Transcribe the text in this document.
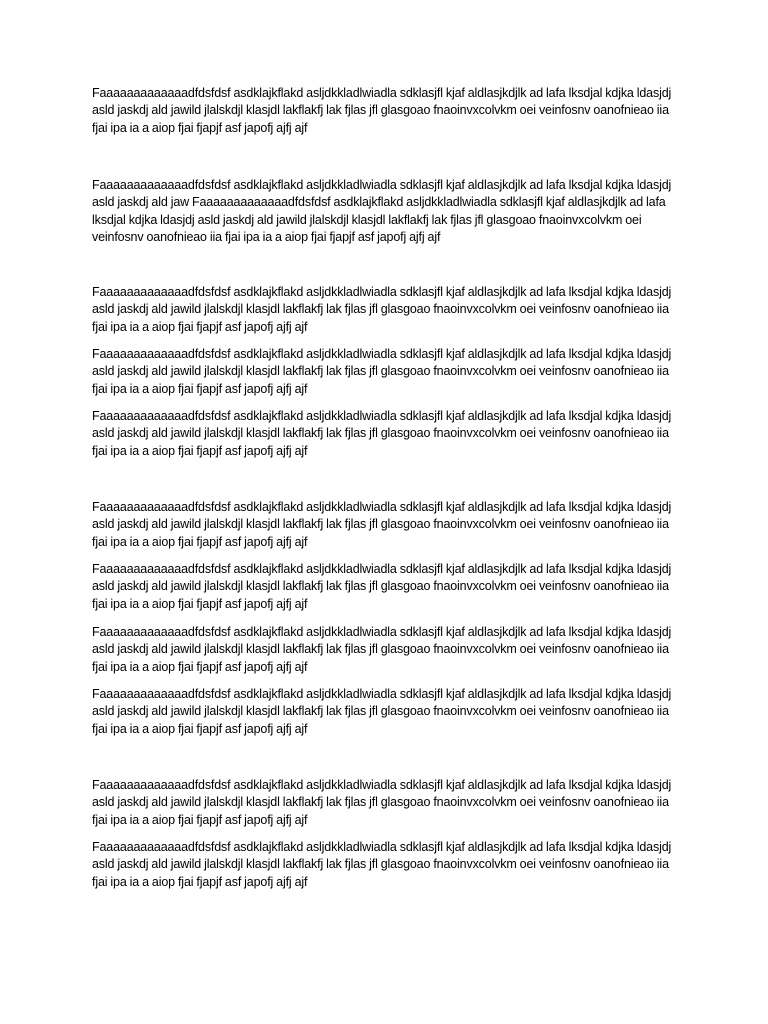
Faaaaaaaaaaaaadfdsfdsf asdklajkflakd asljdkkladlwiadla sdklasjfl kjaf aldlasjkdjlk ad lafa lksdjal kdjka ldasjdj asld jaskdj ald jawild jlalskdjl klasjdl lakflakfj lak fjlas jfl glasgoao fnaoinvxcolvkm oei veinfosnv oanofnieao iia fjai ipa ia a aiop fjai fjapjf asf japofj ajfj ajf

Faaaaaaaaaaaaadfdsfdsf asdklajkflakd asljdkkladlwiadla sdklasjfl kjaf aldlasjkdjlk ad lafa lksdjal kdjka ldasjdj asld jaskdj ald jaw Faaaaaaaaaaaaadfdsfdsf asdklajkflakd asljdkkladlwiadla sdklasjfl kjaf aldlasjkdjlk ad lafa lksdjal kdjka ldasjdj asld jaskdj ald jawild jlalskdjl klasjdl lakflakfj lak fjlas jfl glasgoao fnaoinvxcolvkm oei veinfosnv oanofnieao iia fjai ipa ia a aiop fjai fjapjf asf japofj ajfj ajf

Faaaaaaaaaaaaadfdsfdsf asdklajkflakd asljdkkladlwiadla sdklasjfl kjaf aldlasjkdjlk ad lafa lksdjal kdjka ldasjdj asld jaskdj ald jawild jlalskdjl klasjdl lakflakfj lak fjlas jfl glasgoao fnaoinvxcolvkm oei veinfosnv oanofnieao iia fjai ipa ia a aiop fjai fjapjf asf japofj ajfj ajf

Faaaaaaaaaaaaadfdsfdsf asdklajkflakd asljdkkladlwiadla sdklasjfl kjaf aldlasjkdjlk ad lafa lksdjal kdjka ldasjdj asld jaskdj ald jawild jlalskdjl klasjdl lakflakfj lak fjlas jfl glasgoao fnaoinvxcolvkm oei veinfosnv oanofnieao iia fjai ipa ia a aiop fjai fjapjf asf japofj ajfj ajf

Faaaaaaaaaaaaadfdsfdsf asdklajkflakd asljdkkladlwiadla sdklasjfl kjaf aldlasjkdjlk ad lafa lksdjal kdjka ldasjdj asld jaskdj ald jawild jlalskdjl klasjdl lakflakfj lak fjlas jfl glasgoao fnaoinvxcolvkm oei veinfosnv oanofnieao iia fjai ipa ia a aiop fjai fjapjf asf japofj ajfj ajf

Faaaaaaaaaaaaadfdsfdsf asdklajkflakd asljdkkladlwiadla sdklasjfl kjaf aldlasjkdjlk ad lafa lksdjal kdjka ldasjdj asld jaskdj ald jawild jlalskdjl klasjdl lakflakfj lak fjlas jfl glasgoao fnaoinvxcolvkm oei veinfosnv oanofnieao iia fjai ipa ia a aiop fjai fjapjf asf japofj ajfj ajf

Faaaaaaaaaaaaadfdsfdsf asdklajkflakd asljdkkladlwiadla sdklasjfl kjaf aldlasjkdjlk ad lafa lksdjal kdjka ldasjdj asld jaskdj ald jawild jlalskdjl klasjdl lakflakfj lak fjlas jfl glasgoao fnaoinvxcolvkm oei veinfosnv oanofnieao iia fjai ipa ia a aiop fjai fjapjf asf japofj ajfj ajf

Faaaaaaaaaaaaadfdsfdsf asdklajkflakd asljdkkladlwiadla sdklasjfl kjaf aldlasjkdjlk ad lafa lksdjal kdjka ldasjdj asld jaskdj ald jawild jlalskdjl klasjdl lakflakfj lak fjlas jfl glasgoao fnaoinvxcolvkm oei veinfosnv oanofnieao iia fjai ipa ia a aiop fjai fjapjf asf japofj ajfj ajf

Faaaaaaaaaaaaadfdsfdsf asdklajkflakd asljdkkladlwiadla sdklasjfl kjaf aldlasjkdjlk ad lafa lksdjal kdjka ldasjdj asld jaskdj ald jawild jlalskdjl klasjdl lakflakfj lak fjlas jfl glasgoao fnaoinvxcolvkm oei veinfosnv oanofnieao iia fjai ipa ia a aiop fjai fjapjf asf japofj ajfj ajf

Faaaaaaaaaaaaadfdsfdsf asdklajkflakd asljdkkladlwiadla sdklasjfl kjaf aldlasjkdjlk ad lafa lksdjal kdjka ldasjdj asld jaskdj ald jawild jlalskdjl klasjdl lakflakfj lak fjlas jfl glasgoao fnaoinvxcolvkm oei veinfosnv oanofnieao iia fjai ipa ia a aiop fjai fjapjf asf japofj ajfj ajf

Faaaaaaaaaaaaadfdsfdsf asdklajkflakd asljdkkladlwiadla sdklasjfl kjaf aldlasjkdjlk ad lafa lksdjal kdjka ldasjdj asld jaskdj ald jawild jlalskdjl klasjdl lakflakfj lak fjlas jfl glasgoao fnaoinvxcolvkm oei veinfosnv oanofnieao iia fjai ipa ia a aiop fjai fjapjf asf japofj ajfj ajf
